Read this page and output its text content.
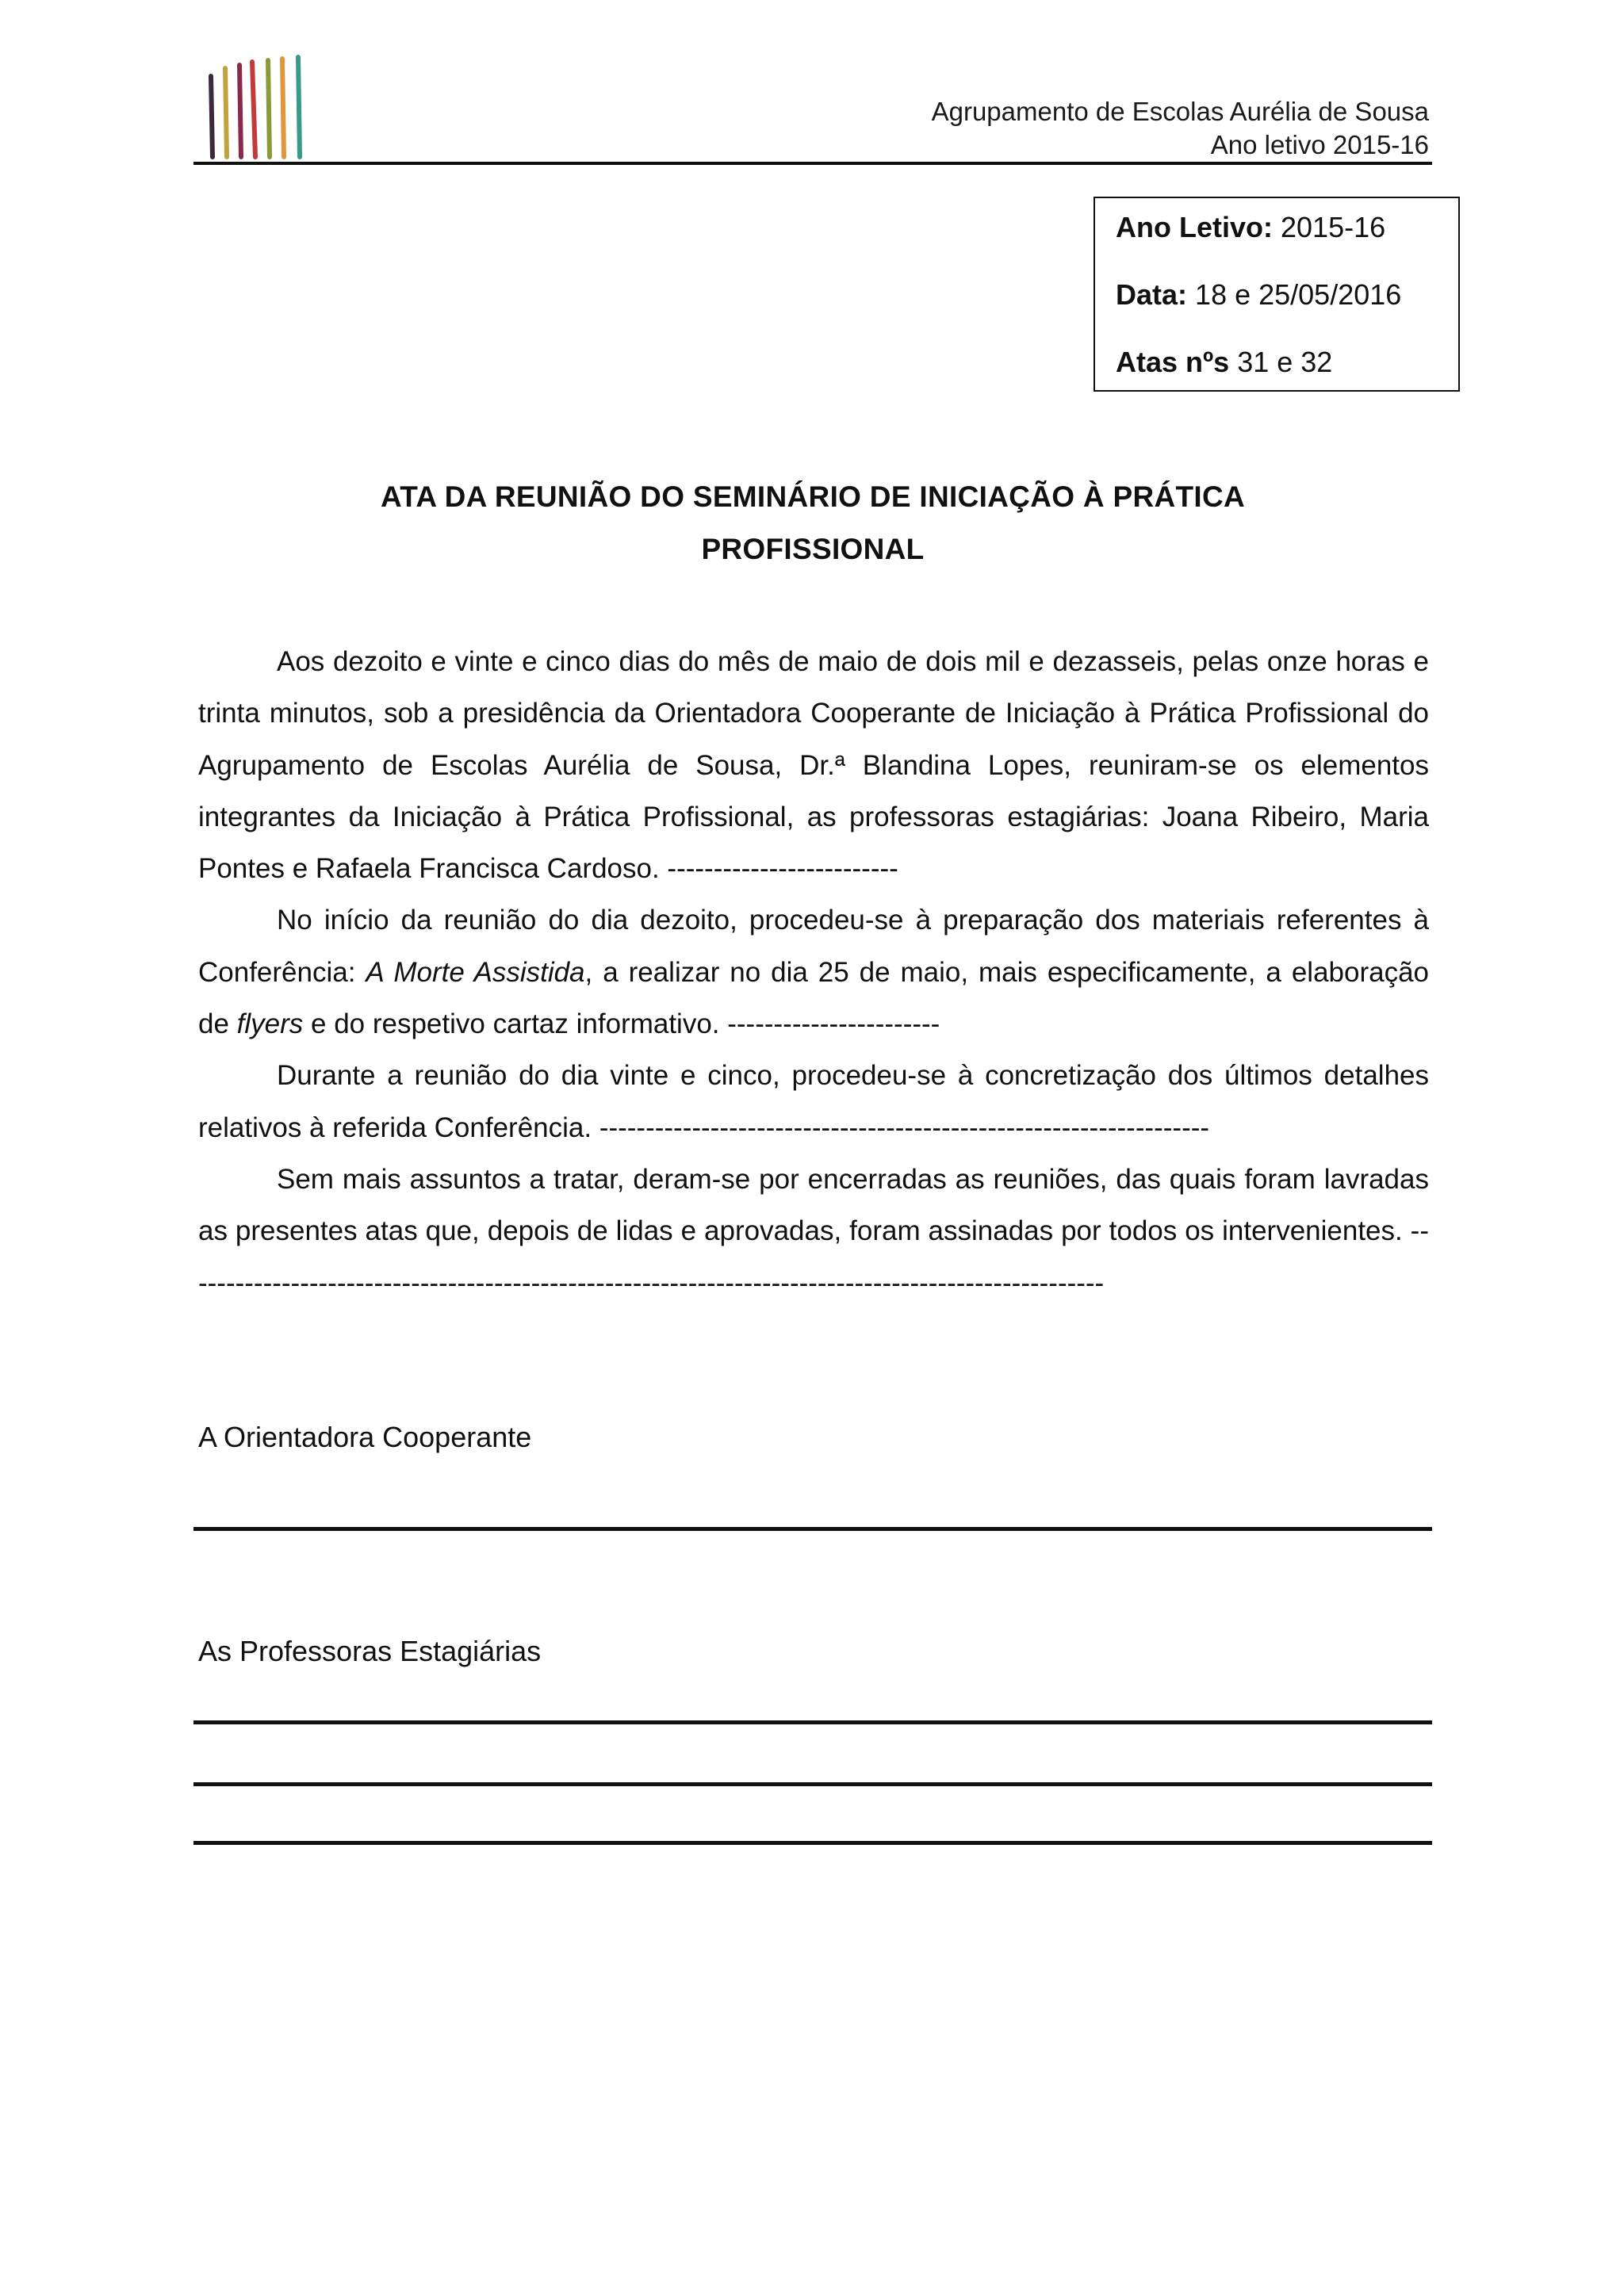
Agrupamento de Escolas Aurélia de Sousa
Ano letivo 2015-16
Ano Letivo: 2015-16
Data: 18 e 25/05/2016
Atas nºs 31 e 32
ATA DA REUNIÃO DO SEMINÁRIO DE INICIAÇÃO À PRÁTICA
PROFISSIONAL

Aos dezoito e vinte e cinco dias do mês de maio de dois mil e dezasseis, pelas onze horas e trinta minutos, sob a presidência da Orientadora Cooperante de Iniciação à Prática Profissional do Agrupamento de Escolas Aurélia de Sousa, Dr.ª Blandina Lopes, reuniram-se os elementos integrantes da Iniciação à Prática Profissional, as professoras estagiárias: Joana Ribeiro, Maria Pontes e Rafaela Francisca Cardoso. -------------------------

No início da reunião do dia dezoito, procedeu-se à preparação dos materiais referentes à Conferência: A Morte Assistida, a realizar no dia 25 de maio, mais especificamente, a elaboração de flyers e do respetivo cartaz informativo. -----------------------

Durante a reunião do dia vinte e cinco, procedeu-se à concretização dos últimos detalhes relativos à referida Conferência. ------------------------------------------------------------------

Sem mais assuntos a tratar, deram-se por encerradas as reuniões, das quais foram lavradas as presentes atas que, depois de lidas e aprovadas, foram assinadas por todos os intervenientes. ----------------------------------------------------------------------------------------------------

A Orientadora Cooperante
As Professoras Estagiárias
